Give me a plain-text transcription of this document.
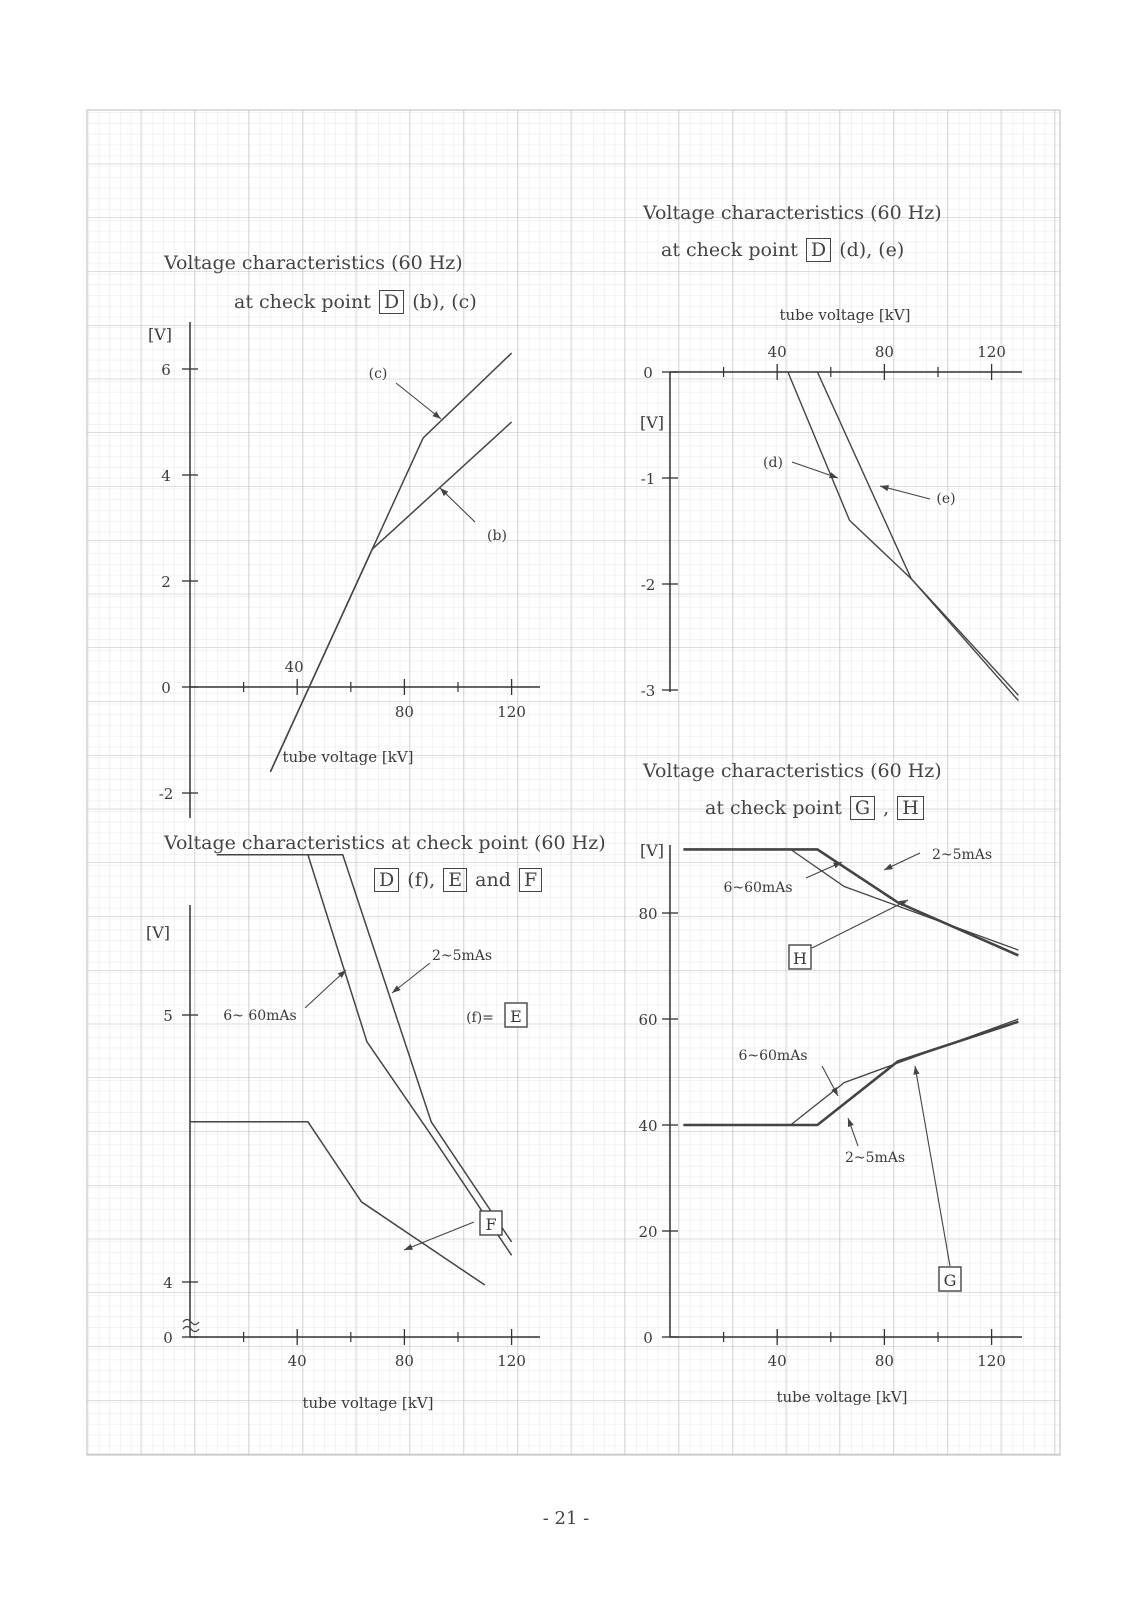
-2
0
2
4
6
40
80	120
[V]
tube voltage [kV]
(c)
(b)
0
-1
-2
-3
40	80	120
[V]
tube voltage [kV]
(d)
(e)
0
4
5
40	80	120
[V]
tube voltage [kV]
2~5mAs
6~ 60mAs	(f)= E
F
0
20
40
60
80
40	80	120
[V]
tube voltage [kV]
2~5mAs
6~60mAs
H
6~60mAs
2~5mAs
G
Voltage characteristics (60 Hz)
at check point D (b), (c)
Voltage characteristics (60 Hz)
at check point D (d), (e)
Voltage characteristics at check point (60 Hz)
D (f), E and F
Voltage characteristics (60 Hz)
at check point G , H
- 21 -
